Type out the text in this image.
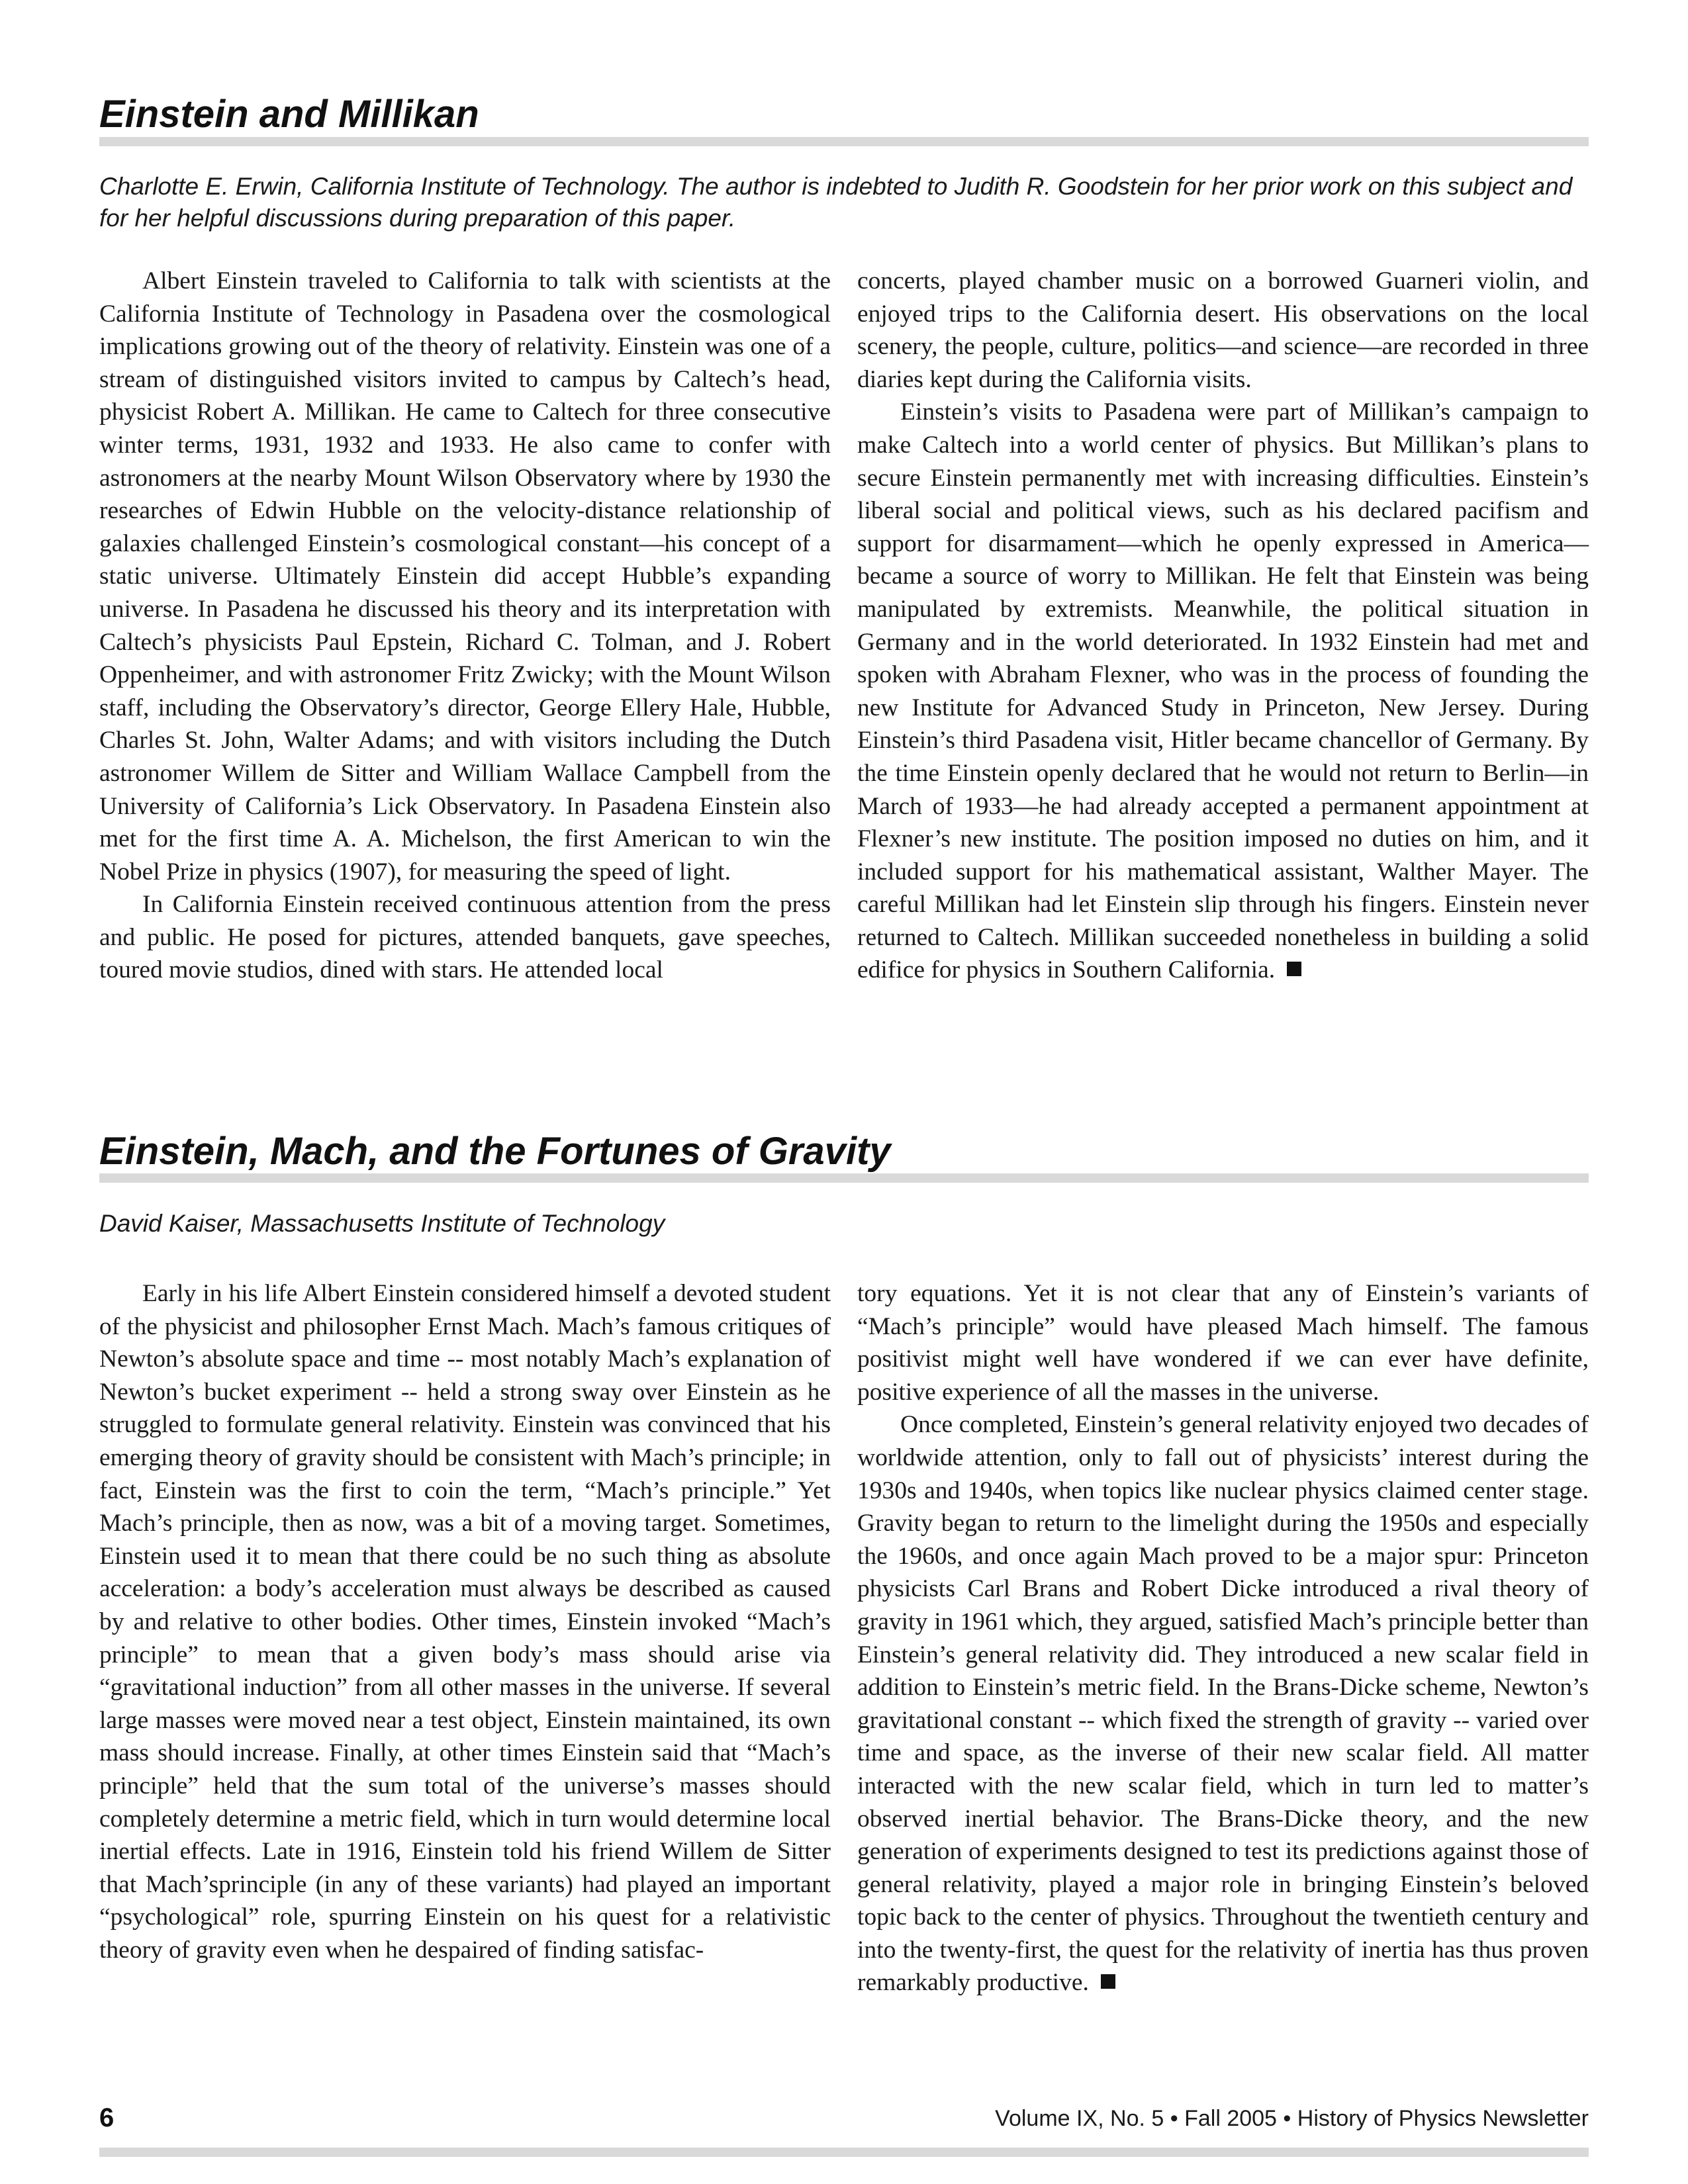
Einstein and Millikan

Charlotte E. Erwin, California Institute of Technology. The author is indebted to Judith R. Goodstein for her prior work on this subject and for her helpful discussions during preparation of this paper.

Albert Einstein traveled to California to talk with scientists at the California Institute of Technology in Pasadena over the cosmological implications growing out of the theory of relativity. Einstein was one of a stream of distinguished visitors invited to campus by Caltech’s head, physicist Robert A. Millikan. He came to Caltech for three consecutive winter terms, 1931, 1932 and 1933. He also came to confer with astronomers at the nearby Mount Wilson Observatory where by 1930 the researches of Edwin Hubble on the velocity-distance relationship of galaxies challenged Einstein’s cosmological constant—his concept of a static universe. Ultimately Einstein did accept Hubble’s expanding universe. In Pasadena he discussed his theory and its interpretation with Caltech’s physicists Paul Epstein, Richard C. Tolman, and J. Robert Oppenheimer, and with astronomer Fritz Zwicky; with the Mount Wilson staff, including the Observatory’s director, George Ellery Hale, Hubble, Charles St. John, Walter Adams; and with visitors including the Dutch astronomer Willem de Sitter and William Wallace Campbell from the University of California’s Lick Observatory. In Pasadena Einstein also met for the first time A. A. Michelson, the first American to win the Nobel Prize in physics (1907), for measuring the speed of light.

In California Einstein received continuous attention from the press and public. He posed for pictures, attended banquets, gave speeches, toured movie studios, dined with stars. He attended local

concerts, played chamber music on a borrowed Guarneri violin, and enjoyed trips to the California desert. His observations on the local scenery, the people, culture, politics—and science—are recorded in three diaries kept during the California visits.

Einstein’s visits to Pasadena were part of Millikan’s campaign to make Caltech into a world center of physics. But Millikan’s plans to secure Einstein permanently met with increasing difficulties. Einstein’s liberal social and political views, such as his declared pacifism and support for disarmament—which he openly expressed in America—became a source of worry to Millikan. He felt that Einstein was being manipulated by extremists. Meanwhile, the political situation in Germany and in the world deteriorated. In 1932 Einstein had met and spoken with Abraham Flexner, who was in the process of founding the new Institute for Advanced Study in Princeton, New Jersey. During Einstein’s third Pasadena visit, Hitler became chancellor of Germany. By the time Einstein openly declared that he would not return to Berlin—in March of 1933—he had already accepted a permanent appointment at Flexner’s new institute. The position imposed no duties on him, and it included support for his mathematical assistant, Walther Mayer. The careful Millikan had let Einstein slip through his fingers. Einstein never returned to Caltech. Millikan succeeded nonetheless in building a solid edifice for physics in Southern California.

Einstein, Mach, and the Fortunes of Gravity

David Kaiser, Massachusetts Institute of Technology

Early in his life Albert Einstein considered himself a devoted student of the physicist and philosopher Ernst Mach. Mach’s famous critiques of Newton’s absolute space and time -- most notably Mach’s explanation of Newton’s bucket experiment -- held a strong sway over Einstein as he struggled to formulate general relativity. Einstein was convinced that his emerging theory of gravity should be consistent with Mach’s principle; in fact, Einstein was the first to coin the term, “Mach’s principle.” Yet Mach’s principle, then as now, was a bit of a moving target. Sometimes, Einstein used it to mean that there could be no such thing as absolute acceleration: a body’s acceleration must always be described as caused by and relative to other bodies. Other times, Einstein invoked “Mach’s principle” to mean that a given body’s mass should arise via “gravitational induction” from all other masses in the universe. If several large masses were moved near a test object, Einstein maintained, its own mass should increase. Finally, at other times Einstein said that “Mach’s principle” held that the sum total of the universe’s masses should completely determine a metric field, which in turn would determine local inertial effects. Late in 1916, Einstein told his friend Willem de Sitter that Mach’sprinciple (in any of these variants) had played an important “psychological” role, spurring Einstein on his quest for a relativistic theory of gravity even when he despaired of finding satisfac-

tory equations. Yet it is not clear that any of Einstein’s variants of “Mach’s principle” would have pleased Mach himself. The famous positivist might well have wondered if we can ever have definite, positive experience of all the masses in the universe.

Once completed, Einstein’s general relativity enjoyed two decades of worldwide attention, only to fall out of physicists’ interest during the 1930s and 1940s, when topics like nuclear physics claimed center stage. Gravity began to return to the limelight during the 1950s and especially the 1960s, and once again Mach proved to be a major spur: Princeton physicists Carl Brans and Robert Dicke introduced a rival theory of gravity in 1961 which, they argued, satisfied Mach’s principle better than Einstein’s general relativity did. They introduced a new scalar field in addition to Einstein’s metric field. In the Brans-Dicke scheme, Newton’s gravitational constant -- which fixed the strength of gravity -- varied over time and space, as the inverse of their new scalar field. All matter interacted with the new scalar field, which in turn led to matter’s observed inertial behavior. The Brans-Dicke theory, and the new generation of experiments designed to test its predictions against those of general relativity, played a major role in bringing Einstein’s beloved topic back to the center of physics. Throughout the twentieth century and into the twenty-first, the quest for the relativity of inertia has thus proven remarkably productive.

6	Volume IX, No. 5 • Fall 2005 • History of Physics Newsletter
